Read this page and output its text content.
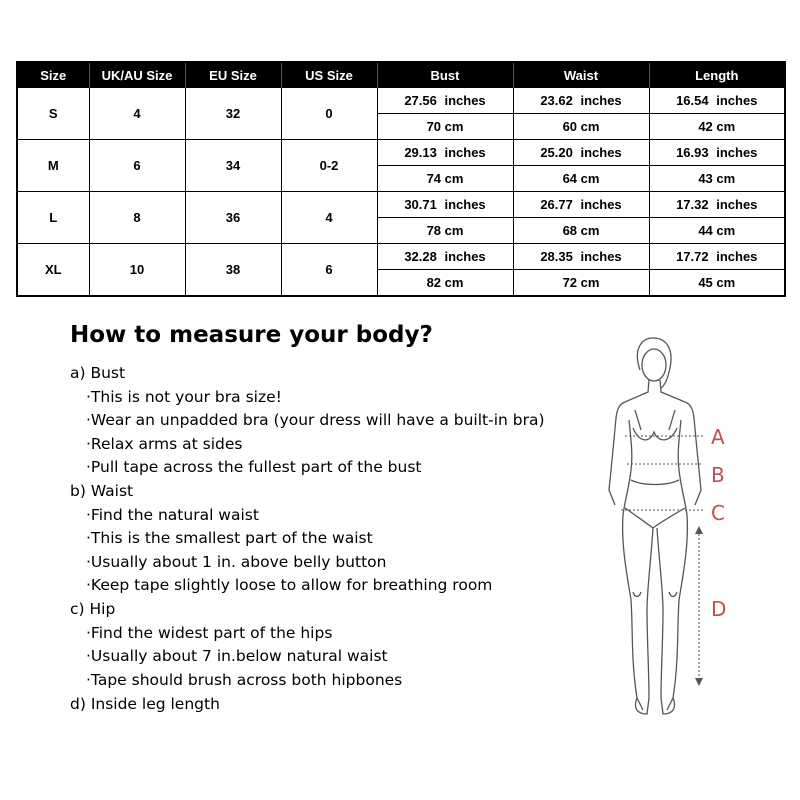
Size	UK/AU Size	EU Size	US Size	Bust	Waist	Length
S	4	32	0	27.56 inches	23.62 inches	16.54 inches
				70 cm	60 cm	42 cm
M	6	34	0-2	29.13 inches	25.20 inches	16.93 inches
				74 cm	64 cm	43 cm
L	8	36	4	30.71 inches	26.77 inches	17.32 inches
				78 cm	68 cm	44 cm
XL	10	38	6	32.28 inches	28.35 inches	17.72 inches
				82 cm	72 cm	45 cm
How to measure your body?
a) Bust
·This is not your bra size!
·Wear an unpadded bra (your dress will have a built-in bra)
·Relax arms at sides
·Pull tape across the fullest part of the bust
b) Waist
·Find the natural waist
·This is the smallest part of the waist
·Usually about 1 in. above belly button
·Keep tape slightly loose to allow for breathing room
c) Hip
·Find the widest part of the hips
·Usually about 7 in.below natural waist
·Tape should brush across both hipbones
d) Inside leg length
A
B
C
D
